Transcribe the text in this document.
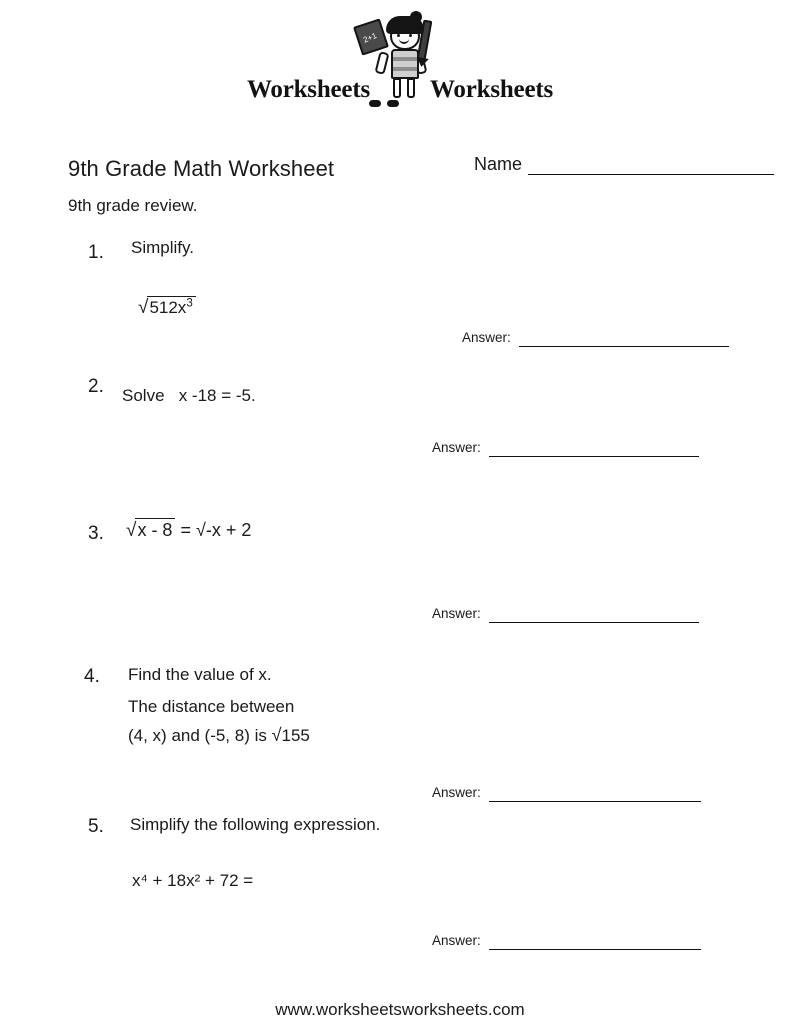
2+1
Worksheets Worksheets
9th Grade Math Worksheet
9th grade review.
Name
1. Simplify.
$√512x^3$
Answer:
2. Solve x -18 = -5.
Answer:
3. √x - 8 = √-x + 2
Answer:
4. Find the value of x.
The distance between
(4, x) and (-5, 8) is √155
Answer:
5. Simplify the following expression.
x⁴ + 18x² + 72 =
Answer:
www.worksheetsworksheets.com
